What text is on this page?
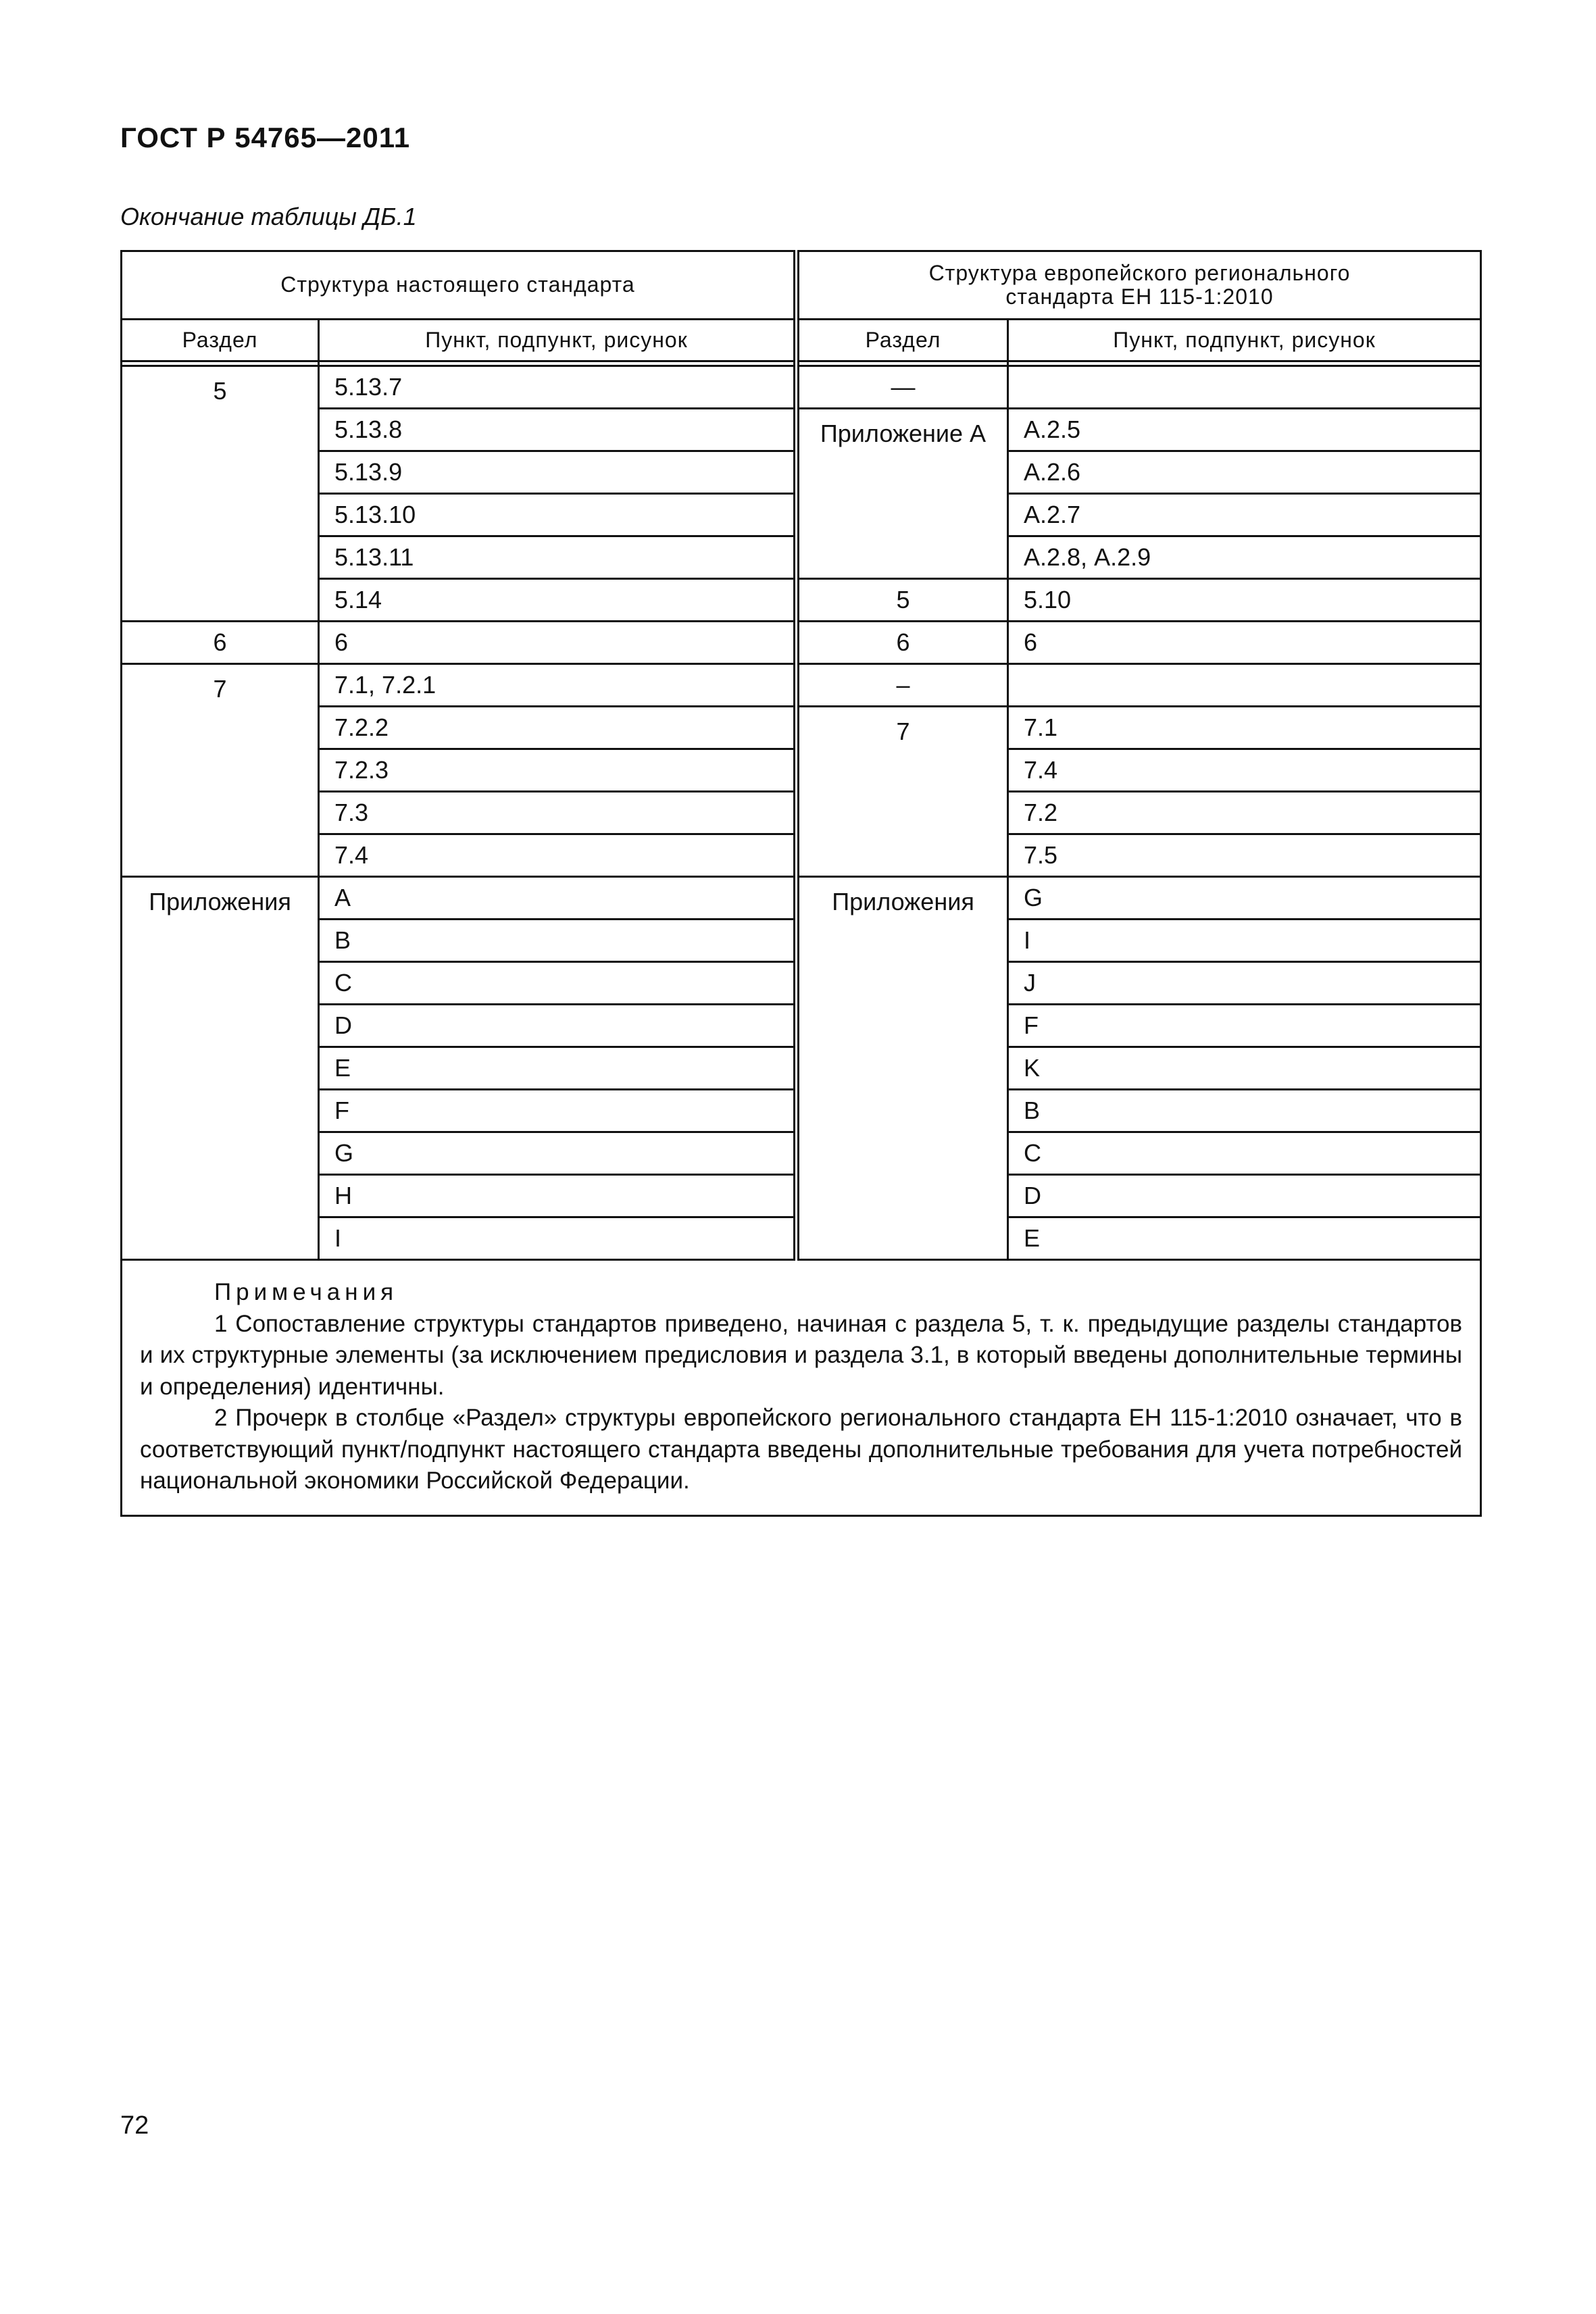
ГОСТ Р 54765—2011
Окончание таблицы ДБ.1
Структура настоящего стандарта		Структура европейского регионального
стандарта ЕН 115-1:2010	
Раздел	Пункт, подпункт, рисунок	Раздел	Пункт, подпункт, рисунок

5	5.13.7	—	
	5.13.8	Приложение А	А.2.5
	5.13.9		А.2.6
	5.13.10		А.2.7
	5.13.11		А.2.8, А.2.9
	5.14	5	5.10
6	6	6	6
7	7.1, 7.2.1	–	
	7.2.2	7	7.1
	7.2.3		7.4
	7.3		7.2
	7.4		7.5
Приложения	A	Приложения	G
	B		I
	C		J
	D		F
	E		K
	F		B
	G		C
	H		D
	I		E

Примечания
1 Сопоставление структуры стандартов приведено, начиная с раздела 5, т. к. предыдущие разделы стандартов и их структурные элементы (за исключением предисловия и раздела 3.1, в который введены дополнительные термины и определения) идентичны.
2 Прочерк в столбце «Раздел» структуры европейского регионального стандарта ЕН 115-1:2010 означает, что в соответствующий пункт/подпункт настоящего стандарта введены дополнительные требования для учета потребностей национальной экономики Российской Федерации.			
72
